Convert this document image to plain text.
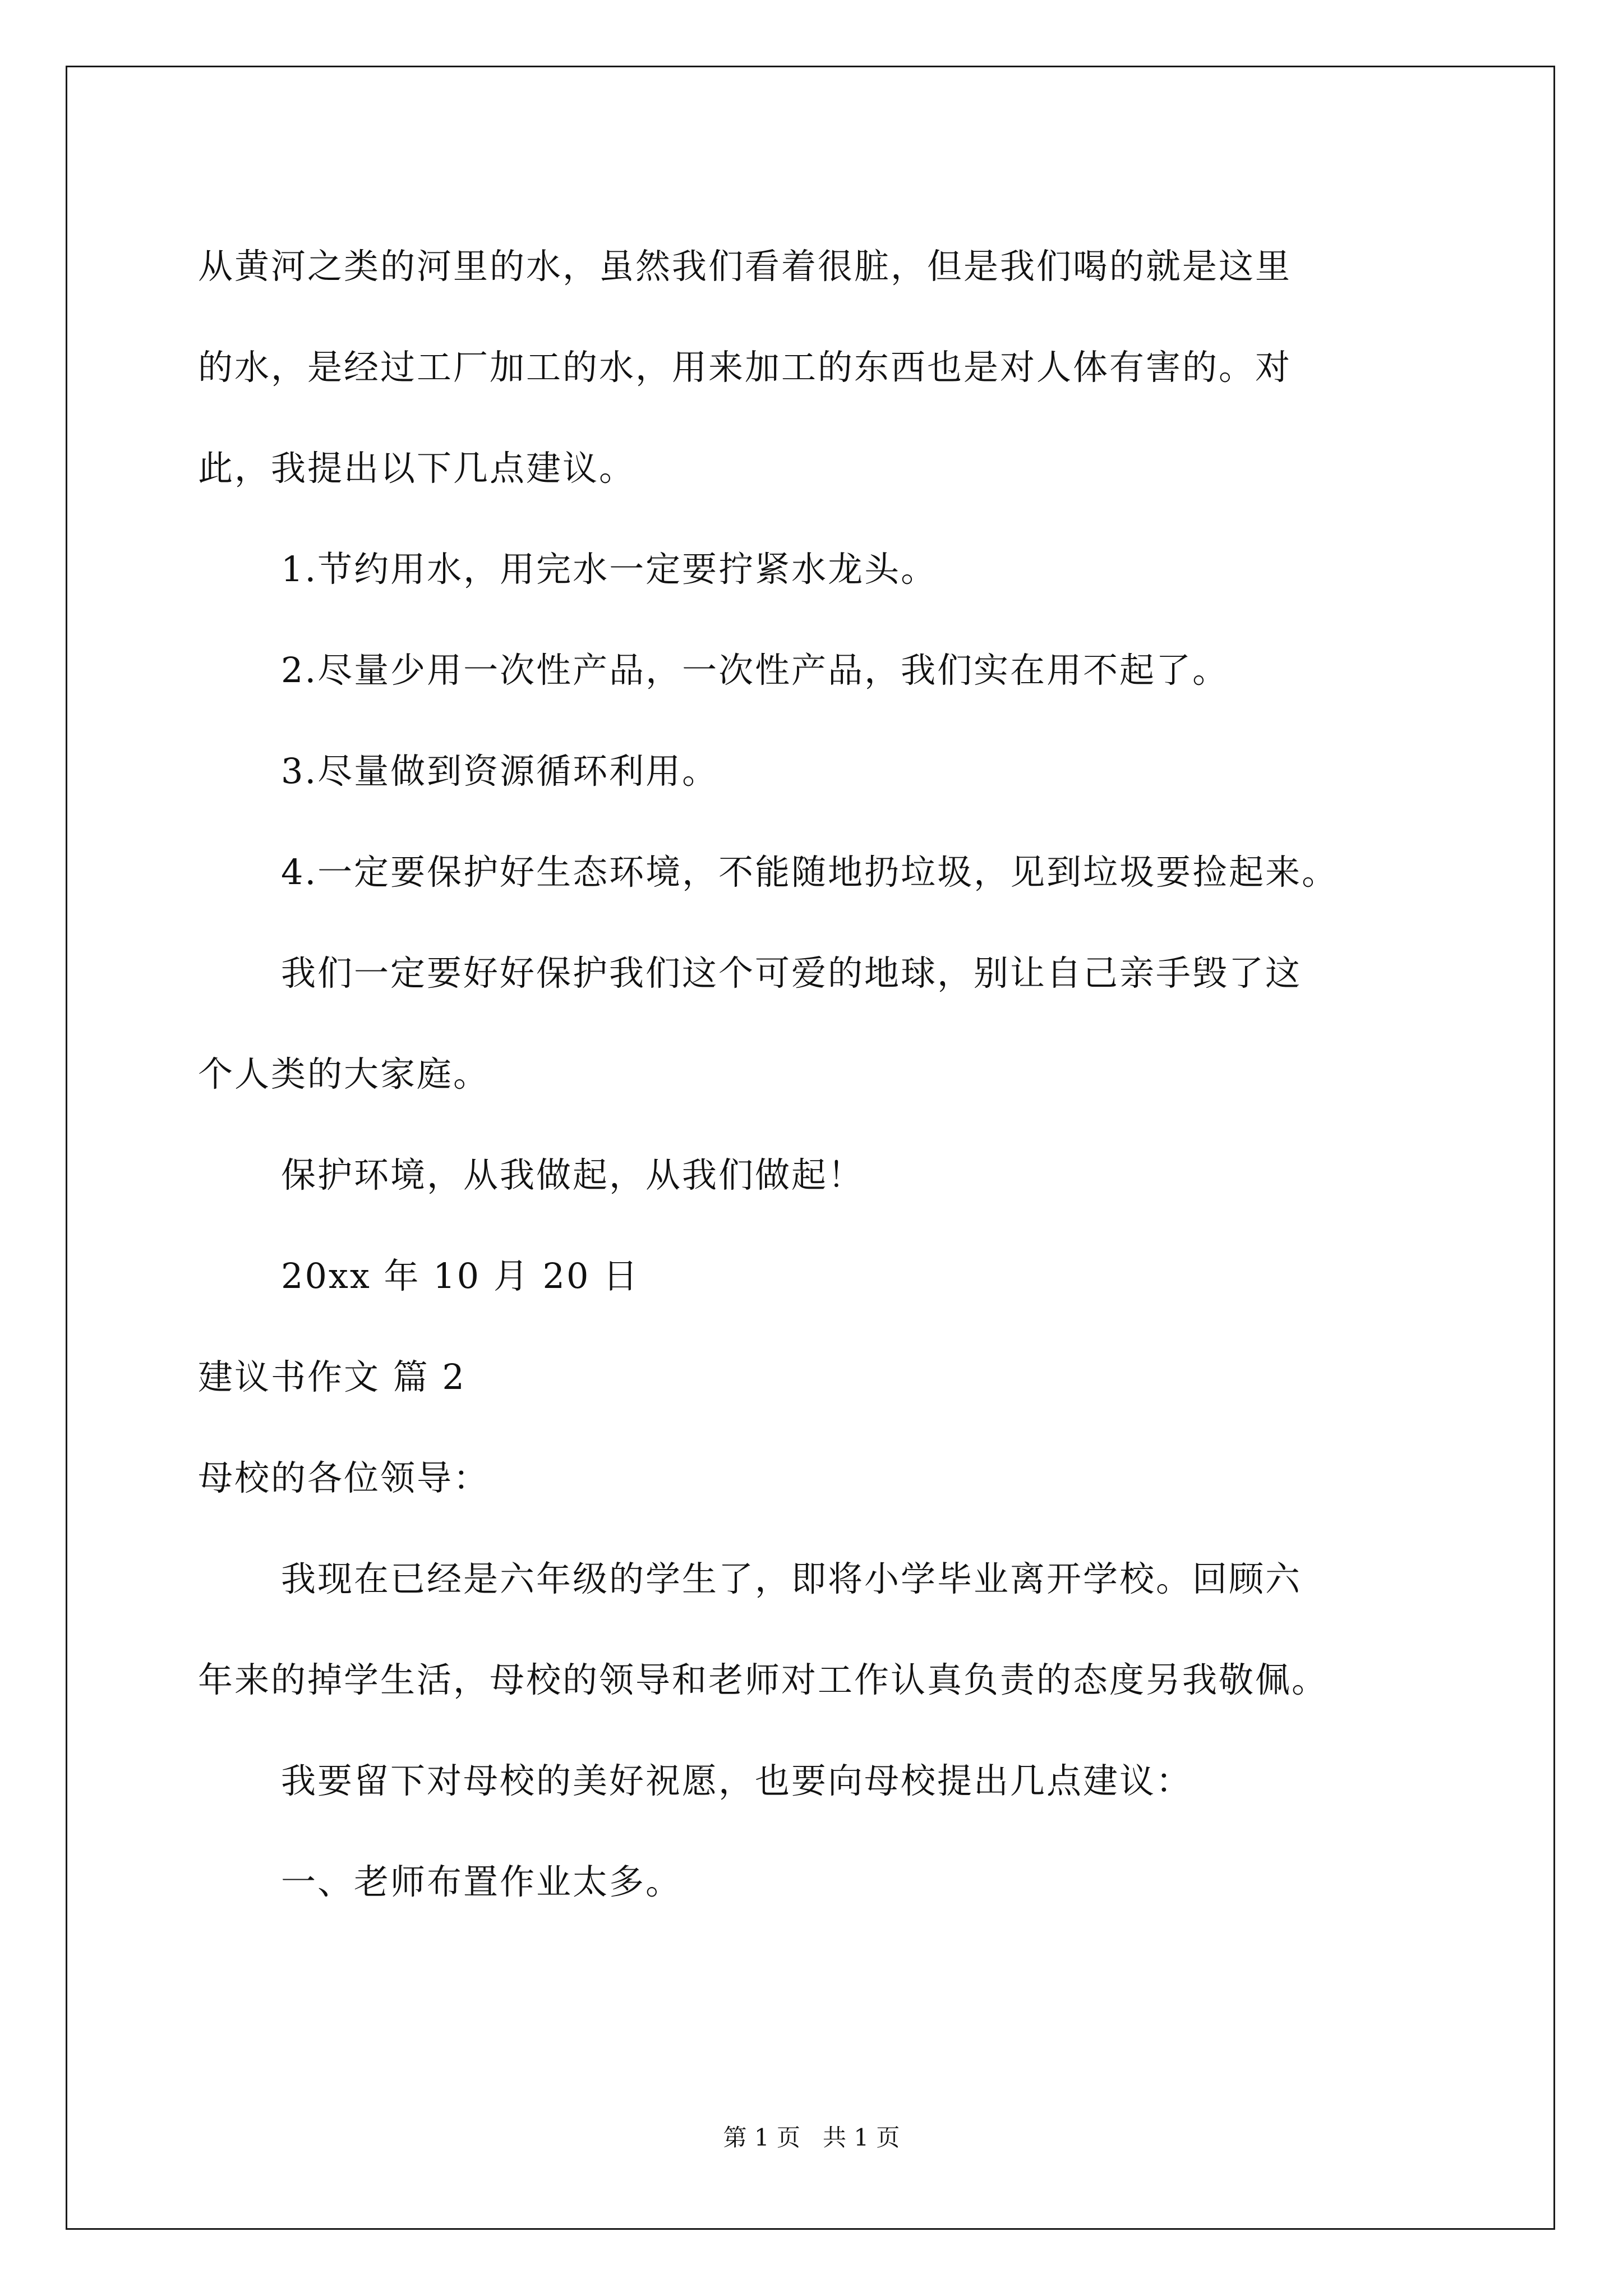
从黄河之类的河里的水，虽然我们看着很脏，但是我们喝的就是这里
的水，是经过工厂加工的水，用来加工的东西也是对人体有害的。对
此，我提出以下几点建议。
1.节约用水，用完水一定要拧紧水龙头。
2.尽量少用一次性产品，一次性产品，我们实在用不起了。
3.尽量做到资源循环利用。
4.一定要保护好生态环境，不能随地扔垃圾，见到垃圾要捡起来。
我们一定要好好保护我们这个可爱的地球，别让自己亲手毁了这
个人类的大家庭。
保护环境，从我做起，从我们做起！
20xx 年 10 月 20 日
建议书作文 篇 2
母校的各位领导：
我现在已经是六年级的学生了，即将小学毕业离开学校。回顾六
年来的掉学生活，母校的领导和老师对工作认真负责的态度另我敬佩。
我要留下对母校的美好祝愿，也要向母校提出几点建议：
一、老师布置作业太多。
第 1 页 共 1 页
